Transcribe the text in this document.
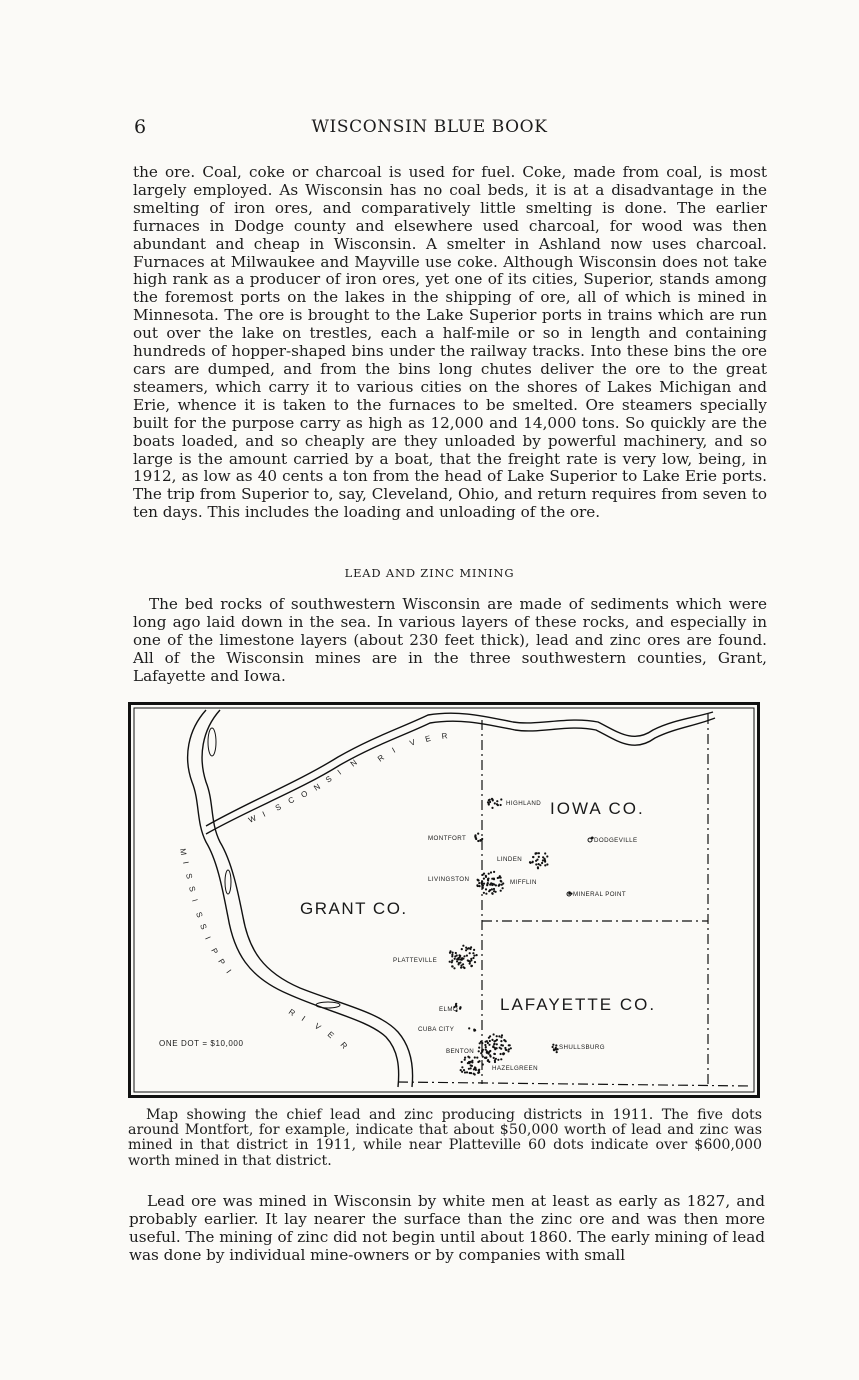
6	WISCONSIN BLUE BOOK

the ore. Coal, coke or charcoal is used for fuel. Coke, made from coal, is most largely employed. As Wisconsin has no coal beds, it is at a disadvantage in the smelting of iron ores, and comparatively little smelting is done. The earlier furnaces in Dodge county and elsewhere used charcoal, for wood was then abundant and cheap in Wisconsin. A smelter in Ashland now uses charcoal. Furnaces at Milwaukee and Mayville use coke. Although Wisconsin does not take high rank as a producer of iron ores, yet one of its cities, Superior, stands among the foremost ports on the lakes in the shipping of ore, all of which is mined in Minnesota. The ore is brought to the Lake Superior ports in trains which are run out over the lake on trestles, each a half-mile or so in length and containing hundreds of hopper-shaped bins under the railway tracks. Into these bins the ore cars are dumped, and from the bins long chutes deliver the ore to the great steamers, which carry it to various cities on the shores of Lakes Michigan and Erie, whence it is taken to the furnaces to be smelted. Ore steamers specially built for the purpose carry as high as 12,000 and 14,000 tons. So quickly are the boats loaded, and so cheaply are they unloaded by powerful machinery, and so large is the amount carried by a boat, that the freight rate is very low, being, in 1912, as low as 40 cents a ton from the head of Lake Superior to Lake Erie ports. The trip from Superior to, say, Cleveland, Ohio, and return requires from seven to ten days. This includes the loading and unloading of the ore.

LEAD AND ZINC MINING

The bed rocks of southwestern Wisconsin are made of sediments which were long ago laid down in the sea. In various layers of these rocks, and especially in one of the limestone layers (about 230 feet thick), lead and zinc ores are found. All of the Wisconsin mines are in the three southwestern counties, Grant, Lafayette and Iowa.

GRANT CO.
IOWA CO.
LAFAYETTE CO.
W I
S
C
O
N
S
I
N R
I
V E R
M
I
S
S
I
S
S
I
P
P
I
R
I
V
E
R
HIGHLAND
MONTFORT	DODGEVILLE
LINDEN
LIVINGSTON	MIFFLIN
MINERAL POINT
PLATTEVILLE
ELMO
CUBA CITY
BENTON
SHULLSBURG
HAZELGREEN
ONE DOT = $10,000

Map showing the chief lead and zinc producing districts in 1911. The five dots around Montfort, for example, indicate that about $50,000 worth of lead and zinc was mined in that district in 1911, while near Platteville 60 dots indicate over $600,000 worth mined in that district.

Lead ore was mined in Wisconsin by white men at least as early as 1827, and probably earlier. It lay nearer the surface than the zinc ore and was then more useful. The mining of zinc did not begin until about 1860. The early mining of lead was done by individual mine-owners or by companies with small
